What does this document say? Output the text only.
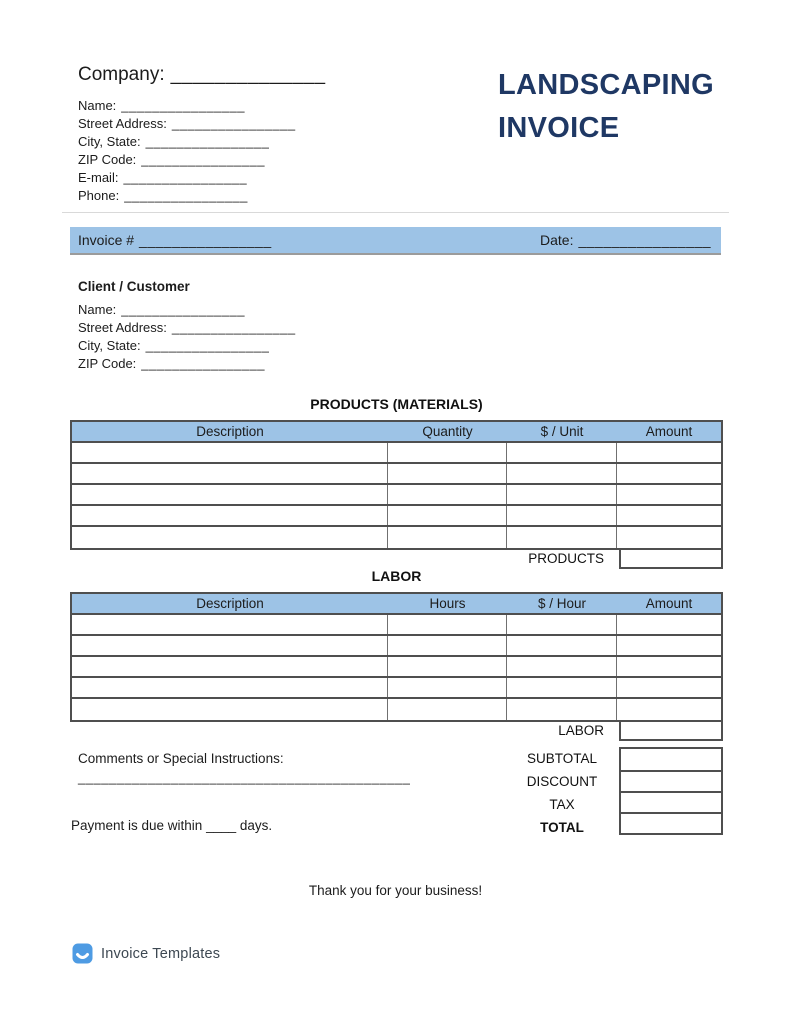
Company: ______________
Name: ________________
Street Address: ________________
City, State: ________________
ZIP Code: ________________
E-mail: ________________
Phone: ________________
LANDSCAPING
INVOICE
Invoice # ________________	Date: ________________
Client / Customer
Name: ________________
Street Address: ________________
City, State: ________________
ZIP Code: ________________
PRODUCTS (MATERIALS)
Description	Quantity	$ / Unit	Amount
PRODUCTS
LABOR
Description	Hours	$ / Hour	Amount
LABOR
Comments or Special Instructions:
___________________________________________
Payment is due within ____ days.
SUBTOTAL
DISCOUNT
TAX
TOTAL
Thank you for your business!
Invoice Templates
